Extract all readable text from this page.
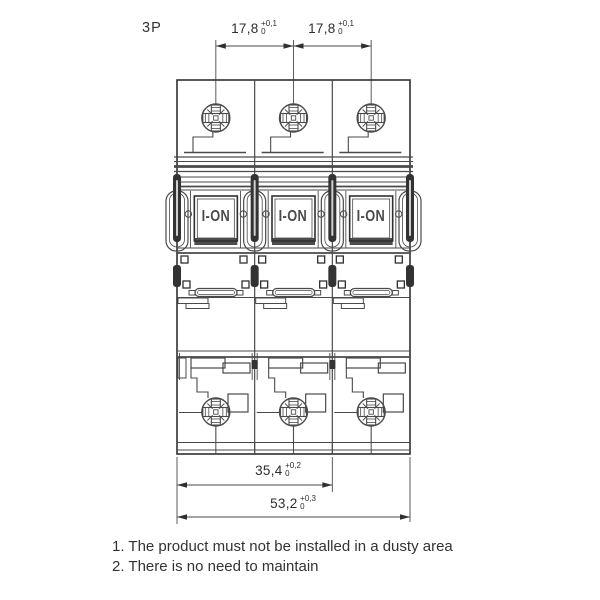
3P	17,8 +0,1
0	17,8 +0,1
0
35,4 +0,2
0
53,2 +0,3
0
I-ON	I-ON	I-ON
1. The product must not be installed in a dusty area
2. There is no need to maintain
